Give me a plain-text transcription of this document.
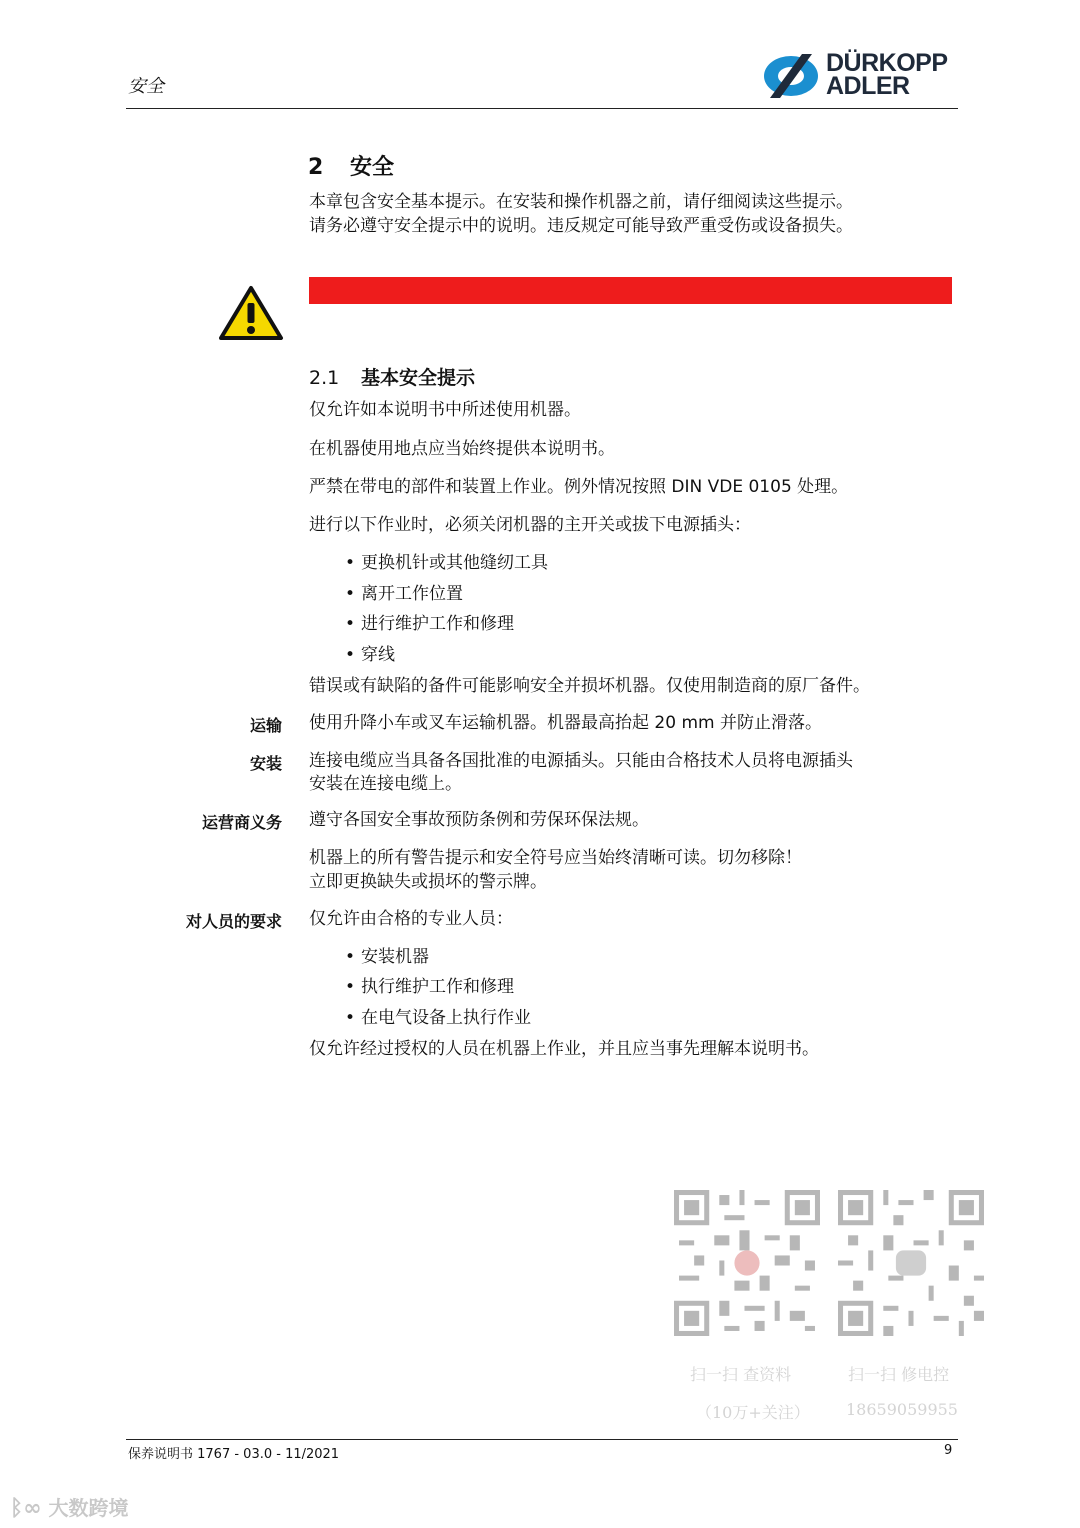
安全
DÜRKOPP
ADLER
2 安全
本章包含安全基本提示。在安装和操作机器之前，请仔细阅读这些提示。
请务必遵守安全提示中的说明。违反规定可能导致严重受伤或设备损失。
2.1 基本安全提示
仅允许如本说明书中所述使用机器。
在机器使用地点应当始终提供本说明书。
严禁在带电的部件和装置上作业。例外情况按照 DIN VDE 0105 处理。
进行以下作业时，必须关闭机器的主开关或拔下电源插头：
• 更换机针或其他缝纫工具
• 离开工作位置
• 进行维护工作和修理
• 穿线
错误或有缺陷的备件可能影响安全并损坏机器。仅使用制造商的原厂备件。
运输 使用升降小车或叉车运输机器。机器最高抬起 20 mm 并防止滑落。
安装 连接电缆应当具备各国批准的电源插头。只能由合格技术人员将电源插头
安装在连接电缆上。
运营商义务 遵守各国安全事故预防条例和劳保环保法规。
机器上的所有警告提示和安全符号应当始终清晰可读。切勿移除！
立即更换缺失或损坏的警示牌。
对人员的要求 仅允许由合格的专业人员：
• 安装机器
• 执行维护工作和修理
• 在电气设备上执行作业
仅允许经过授权的人员在机器上作业，并且应当事先理解本说明书。
扫一扫 查资料
（10万+关注）
扫一扫 修电控
18659059955
保养说明书 1767 - 03.0 - 11/2021	9
ᛒ∞ 大数跨境
